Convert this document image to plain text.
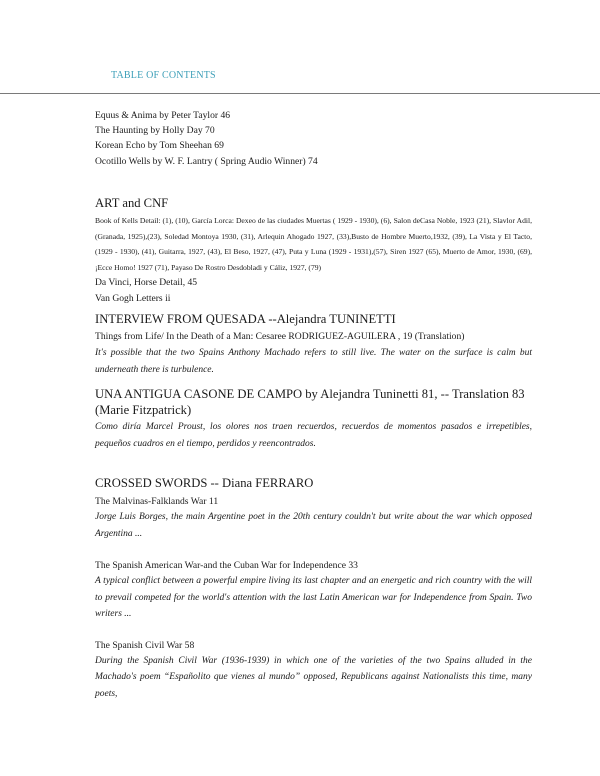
TABLE OF CONTENTS
Equus & Anima by Peter Taylor 46
The Haunting by Holly Day 70
Korean Echo by Tom Sheehan 69
Ocotillo Wells by W. F. Lantry ( Spring Audio Winner) 74
ART and CNF
Book of Kells Detail: (1), (10), García Lorca: Dexeo de las ciudades Muertas ( 1929 - 1930), (6), Salon deCasa Noble, 1923 (21), Slavlor Adil, (Granada, 1925),(23), Soledad Montoya 1930, (31), Arlequin Ahogado 1927, (33),Busto de Hombre Muerto,1932, (39), La Vista y El Tacto, (1929 - 1930), (41), Guitarra, 1927, (43), El Beso, 1927, (47), Puta y Luna (1929 - 1931),(57), Siren 1927 (65), Muerto de Amor, 1930, (69), ¡Ecce Homo! 1927 (71), Payaso De Rostro Desdobladi y Cáliz, 1927, (79)
Da Vinci, Horse Detail, 45
Van Gogh Letters ii
INTERVIEW FROM QUESADA --Alejandra TUNINETTI
Things from Life/ In the Death of a Man: Cesaree RODRIGUEZ-AGUILERA , 19 (Translation)
It's possible that the two Spains Anthony Machado refers to still live. The water on the surface is calm but underneath there is turbulence.
UNA ANTIGUA CASONE DE CAMPO by Alejandra Tuninetti 81, -- Translation 83 (Marie Fitzpatrick)
Como diría Marcel Proust, los olores nos traen recuerdos, recuerdos de momentos pasados e irrepetibles, pequeños cuadros en el tiempo, perdidos y reencontrados.
CROSSED SWORDS -- Diana FERRARO
The Malvinas-Falklands War 11
Jorge Luis Borges, the main Argentine poet in the 20th century couldn't but write about the war which opposed Argentina ...
The Spanish American War-and the Cuban War for Independence 33
A typical conflict between a powerful empire living its last chapter and an energetic and rich country with the will to prevail competed for the world's attention with the last Latin American war for Independence from Spain. Two writers ...
The Spanish Civil War 58
During the Spanish Civil War (1936-1939) in which one of the varieties of the two Spains alluded in the Machado's poem “Españolito que vienes al mundo” opposed, Republicans against Nationalists this time, many poets,
